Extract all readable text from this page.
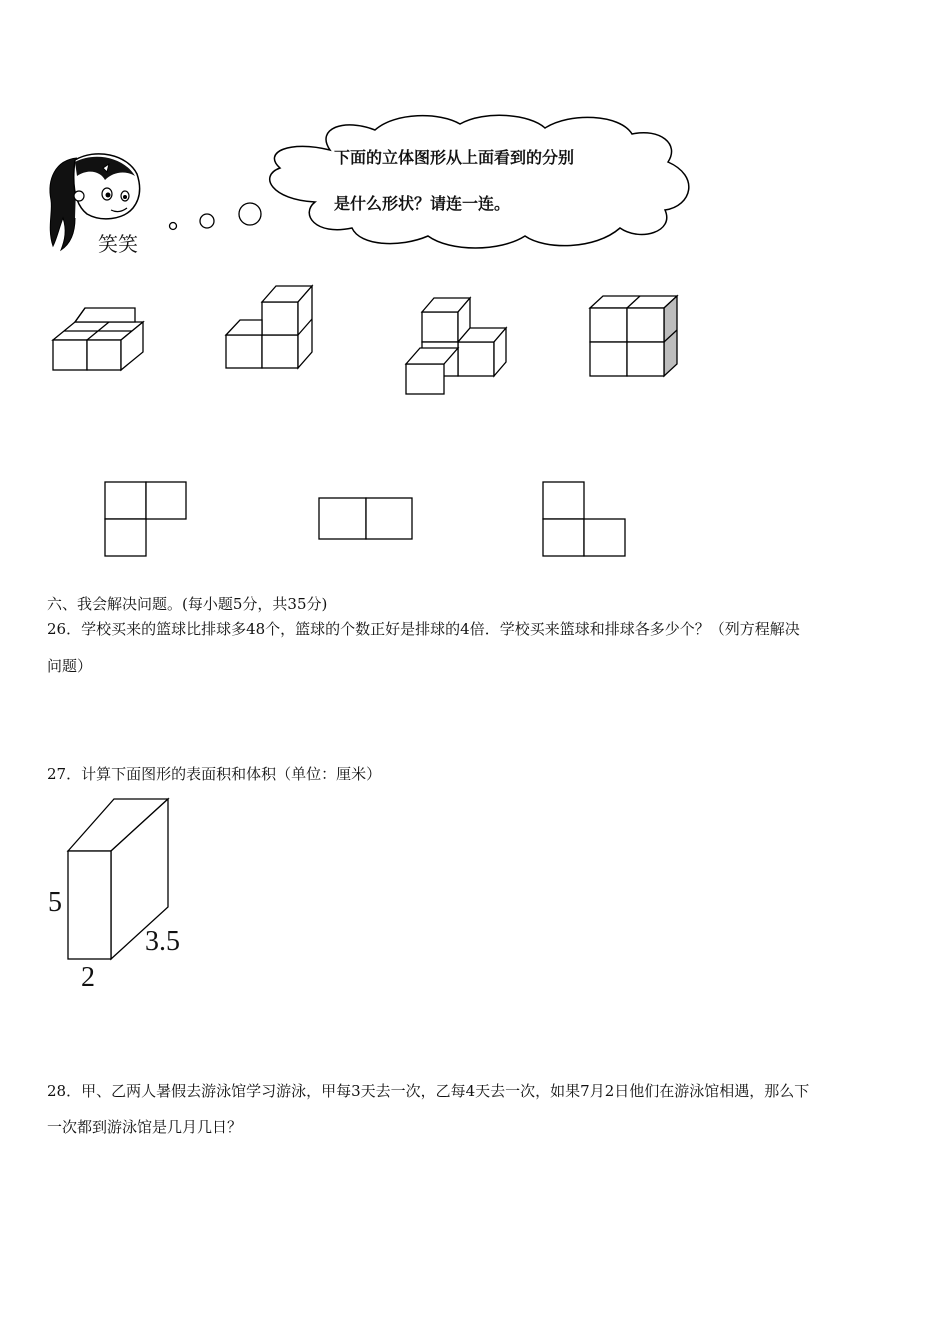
笑笑
下面的立体图形从上面看到的分别
是什么形状？请连一连。
六、我会解决问题。(每小题5分，共35分)
26．学校买来的篮球比排球多48个，篮球的个数正好是排球的4倍．学校买来篮球和排球各多少个？（列方程解决
问题）
27．计算下面图形的表面积和体积（单位：厘米）
5
3.5
2
28．甲、乙两人暑假去游泳馆学习游泳，甲每3天去一次，乙每4天去一次，如果7月2日他们在游泳馆相遇，那么下
一次都到游泳馆是几月几日？
